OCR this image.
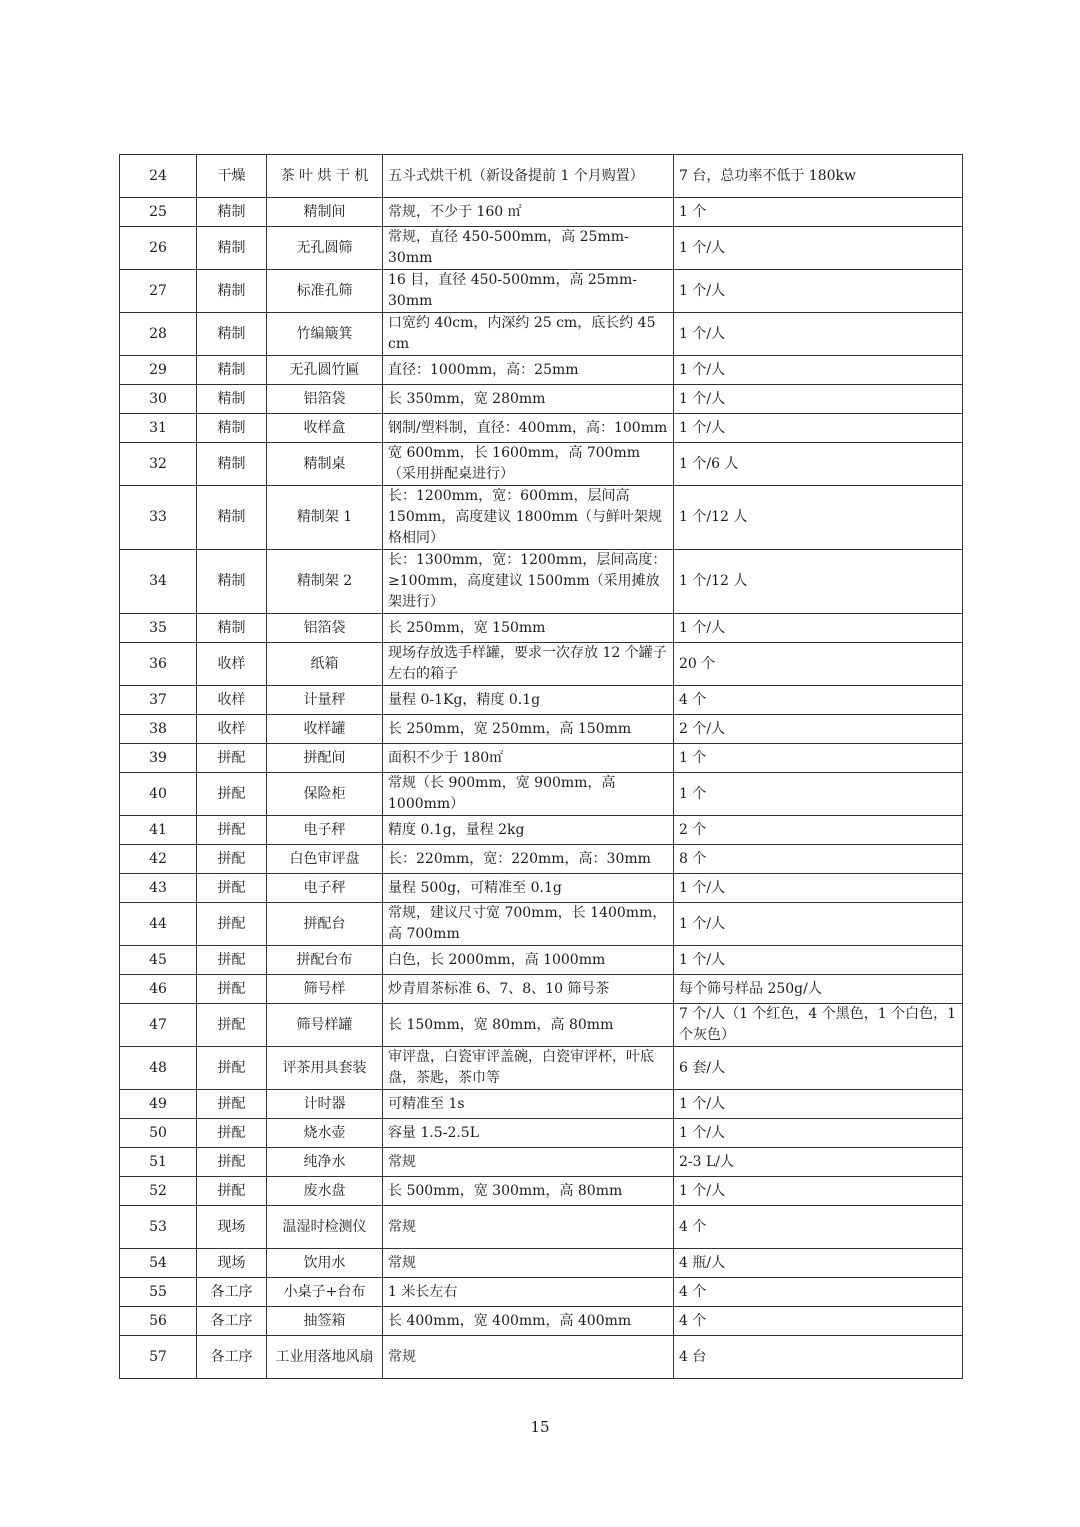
24	干燥	茶 叶 烘 干 机	五斗式烘干机（新设备提前 1 个月购置）	7 台，总功率不低于 180kw
25	精制	精制间	常规，不少于 160 ㎡	1 个
26	精制	无孔圆筛	常规，直径 450-500mm，高 25mm-30mm	1 个/人
27	精制	标准孔筛	16 目，直径 450-500mm，高 25mm-30mm	1 个/人
28	精制	竹编簸箕	口宽约 40cm，内深约 25 cm，底长约 45 cm	1 个/人
29	精制	无孔圆竹匾	直径：1000mm，高：25mm	1 个/人
30	精制	铝箔袋	长 350mm，宽 280mm	1 个/人
31	精制	收样盒	钢制/塑料制，直径：400mm，高：100mm	1 个/人
32	精制	精制桌	宽 600mm，长 1600mm，高 700mm（采用拼配桌进行）	1 个/6 人
33	精制	精制架 1	长：1200mm，宽：600mm，层间高 150mm，高度建议 1800mm（与鲜叶架规格相同）	1 个/12 人
34	精制	精制架 2	长：1300mm，宽：1200mm，层间高度：≥100mm，高度建议 1500mm（采用摊放架进行）	1 个/12 人
35	精制	铝箔袋	长 250mm，宽 150mm	1 个/人
36	收样	纸箱	现场存放选手样罐，要求一次存放 12 个罐子左右的箱子	20 个
37	收样	计量秤	量程 0-1Kg，精度 0.1g	4 个
38	收样	收样罐	长 250mm，宽 250mm，高 150mm	2 个/人
39	拼配	拼配间	面积不少于 180㎡	1 个
40	拼配	保险柜	常规（长 900mm，宽 900mm，高 1000mm）	1 个
41	拼配	电子秤	精度 0.1g，量程 2kg	2 个
42	拼配	白色审评盘	长：220mm，宽：220mm，高：30mm	8 个
43	拼配	电子秤	量程 500g，可精准至 0.1g	1 个/人
44	拼配	拼配台	常规，建议尺寸宽 700mm，长 1400mm，高 700mm	1 个/人
45	拼配	拼配台布	白色，长 2000mm，高 1000mm	1 个/人
46	拼配	筛号样	炒青眉茶标准 6、7、8、10 筛号茶	每个筛号样品 250g/人
47	拼配	筛号样罐	长 150mm，宽 80mm，高 80mm	7 个/人（1 个红色，4 个黑色，1 个白色，1 个灰色）
48	拼配	评茶用具套装	审评盘，白瓷审评盖碗，白瓷审评杯，叶底盘，茶匙，茶巾等	6 套/人
49	拼配	计时器	可精准至 1s	1 个/人
50	拼配	烧水壶	容量 1.5-2.5L	1 个/人
51	拼配	纯净水	常规	2-3 L/人
52	拼配	废水盘	长 500mm，宽 300mm，高 80mm	1 个/人
53	现场	温湿时检测仪	常规	4 个
54	现场	饮用水	常规	4 瓶/人
55	各工序	小桌子+台布	1 米长左右	4 个
56	各工序	抽签箱	长 400mm，宽 400mm，高 400mm	4 个
57	各工序	工业用落地风扇	常规	4 台
15
